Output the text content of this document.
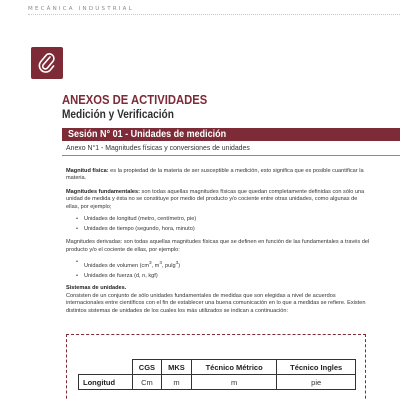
MECÁNICA INDUSTRIAL
ANEXOS DE ACTIVIDADES
Medición y Verificación
Sesión N° 01 - Unidades de medición
Anexo N°1 - Magnitudes físicas y conversiones de unidades

Magnitud física: es la propiedad de la materia de ser susceptible a medición, esto significa que es posible cuantificar la materia.

Magnitudes fundamentales: son todas aquellas magnitudes físicas que quedan completamente definidas con sólo una unidad de medida y ésta no se constituye por medio del producto y/o cociente entre otras unidades, como algunas de ellas, por ejemplo;

• Unidades de longitud (metro, centímetro, pie)
• Unidades de tiempo (segundo, hora, minuto)

Magnitudes derivadas: son todas aquellas magnitudes físicas que se definen en función de las fundamentales a través del producto y/o el cociente de ellas, por ejemplo:

• Unidades de volumen ($cm^3$, $m^3$, pulg$^3$)
• Unidades de fuerza (d, n, kgf)
Sistemas de unidades.

Consisten de un conjunto de sólo unidades fundamentales de medidas que son elegidas a nivel de acuerdos internacionales entre científicos con el fin de establecer una buena comunicación en lo que a medidas se refiere. Existen distintos sistemas de unidades de los cuales los más utilizados se indican a continuación:

	CGS	MKS	Técnico Métrico	Técnico Ingles
Longitud	Cm	m	m	pie
